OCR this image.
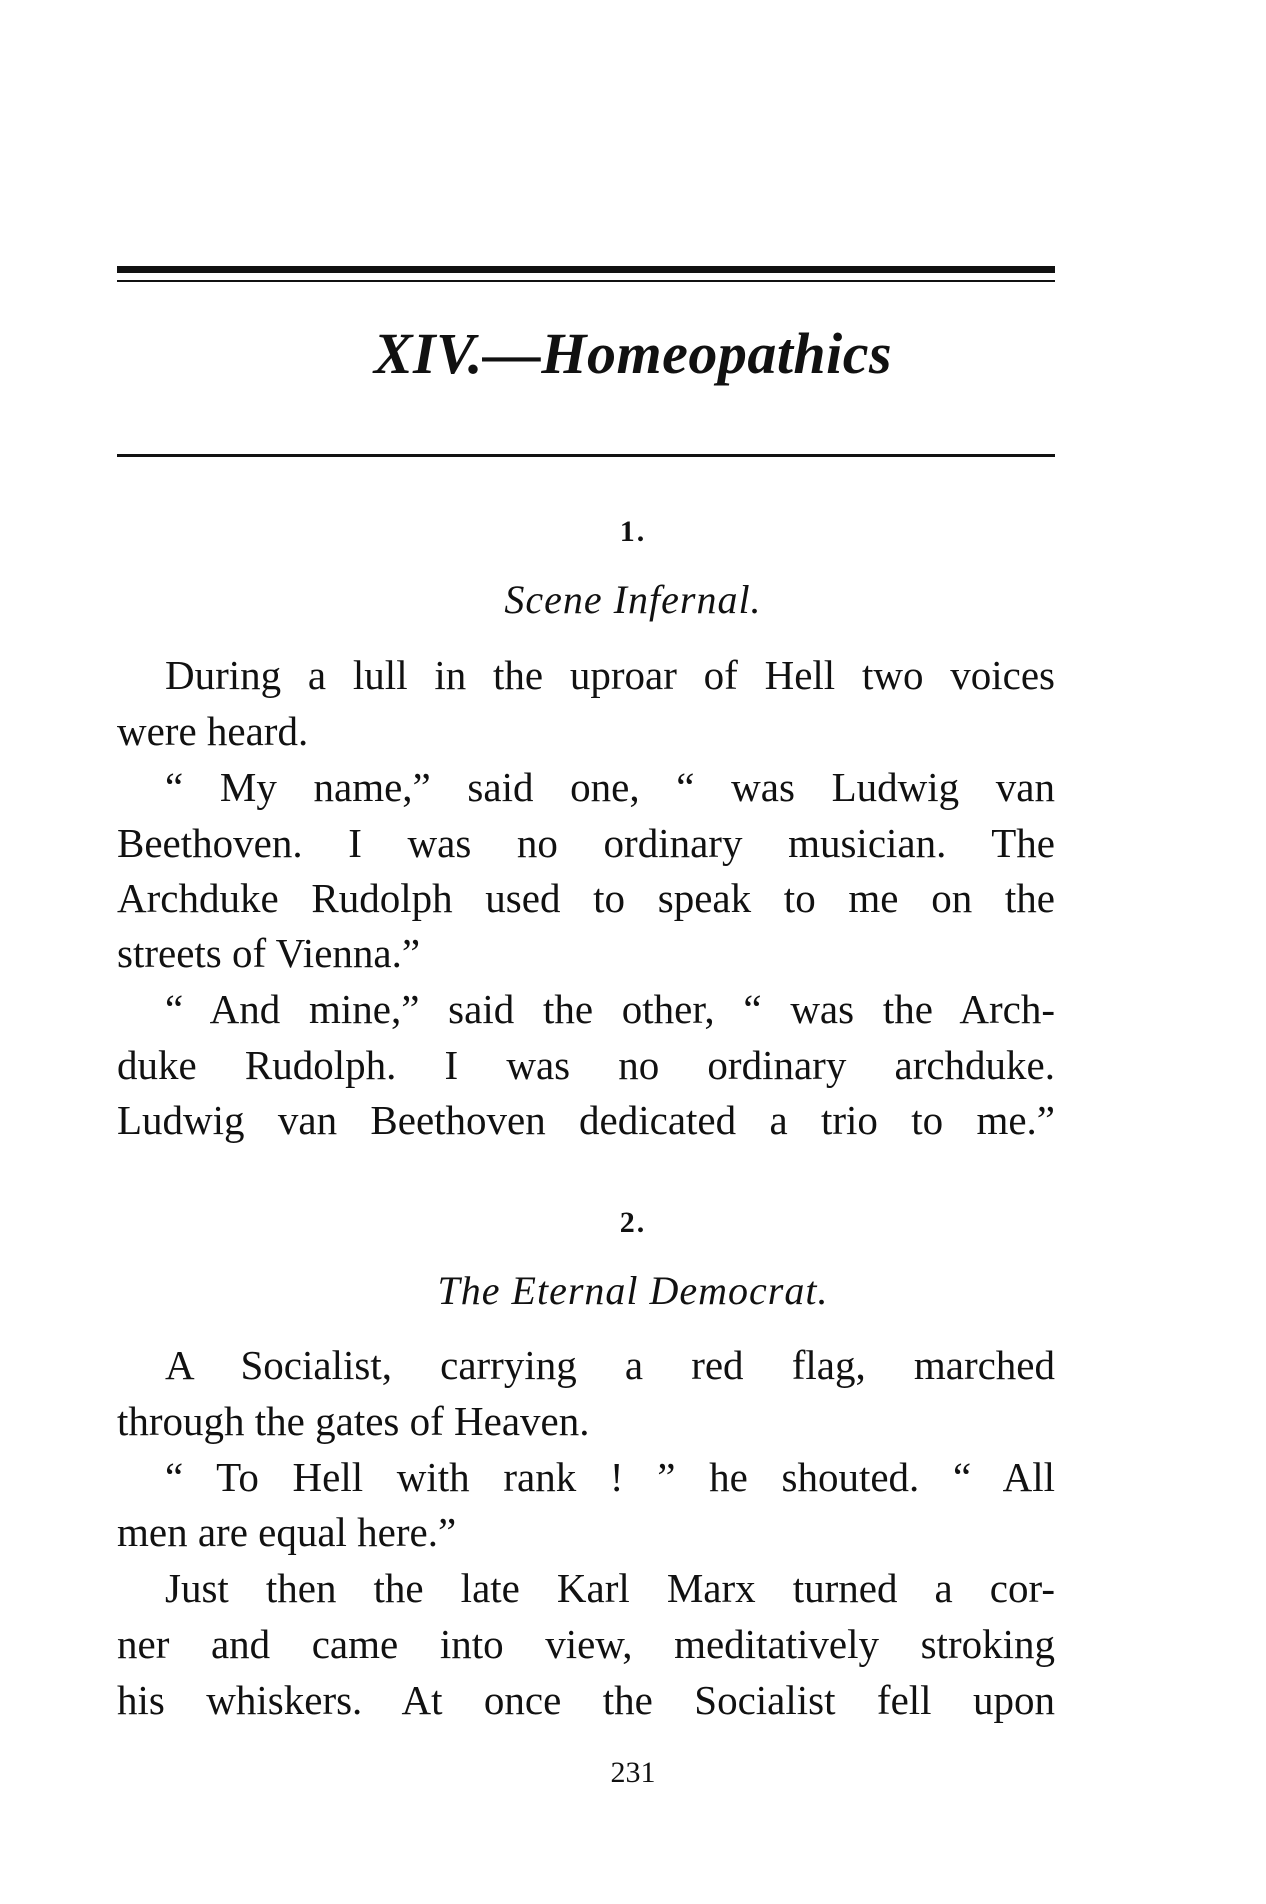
XIV.—Homeopathics
1.
Scene Infernal.
During a lull in the uproar of Hell two voices
were heard.
“ My name,” said one, “ was Ludwig van
Beethoven. I was no ordinary musician. The
Archduke Rudolph used to speak to me on the
streets of Vienna.”
“ And mine,” said the other, “ was the Arch-
duke Rudolph. I was no ordinary archduke.
Ludwig van Beethoven dedicated a trio to me.”
2.
The Eternal Democrat.
A Socialist, carrying a red flag, marched
through the gates of Heaven.
“ To Hell with rank ! ” he shouted. “ All
men are equal here.”
Just then the late Karl Marx turned a cor-
ner and came into view, meditatively stroking
his whiskers. At once the Socialist fell upon
231
